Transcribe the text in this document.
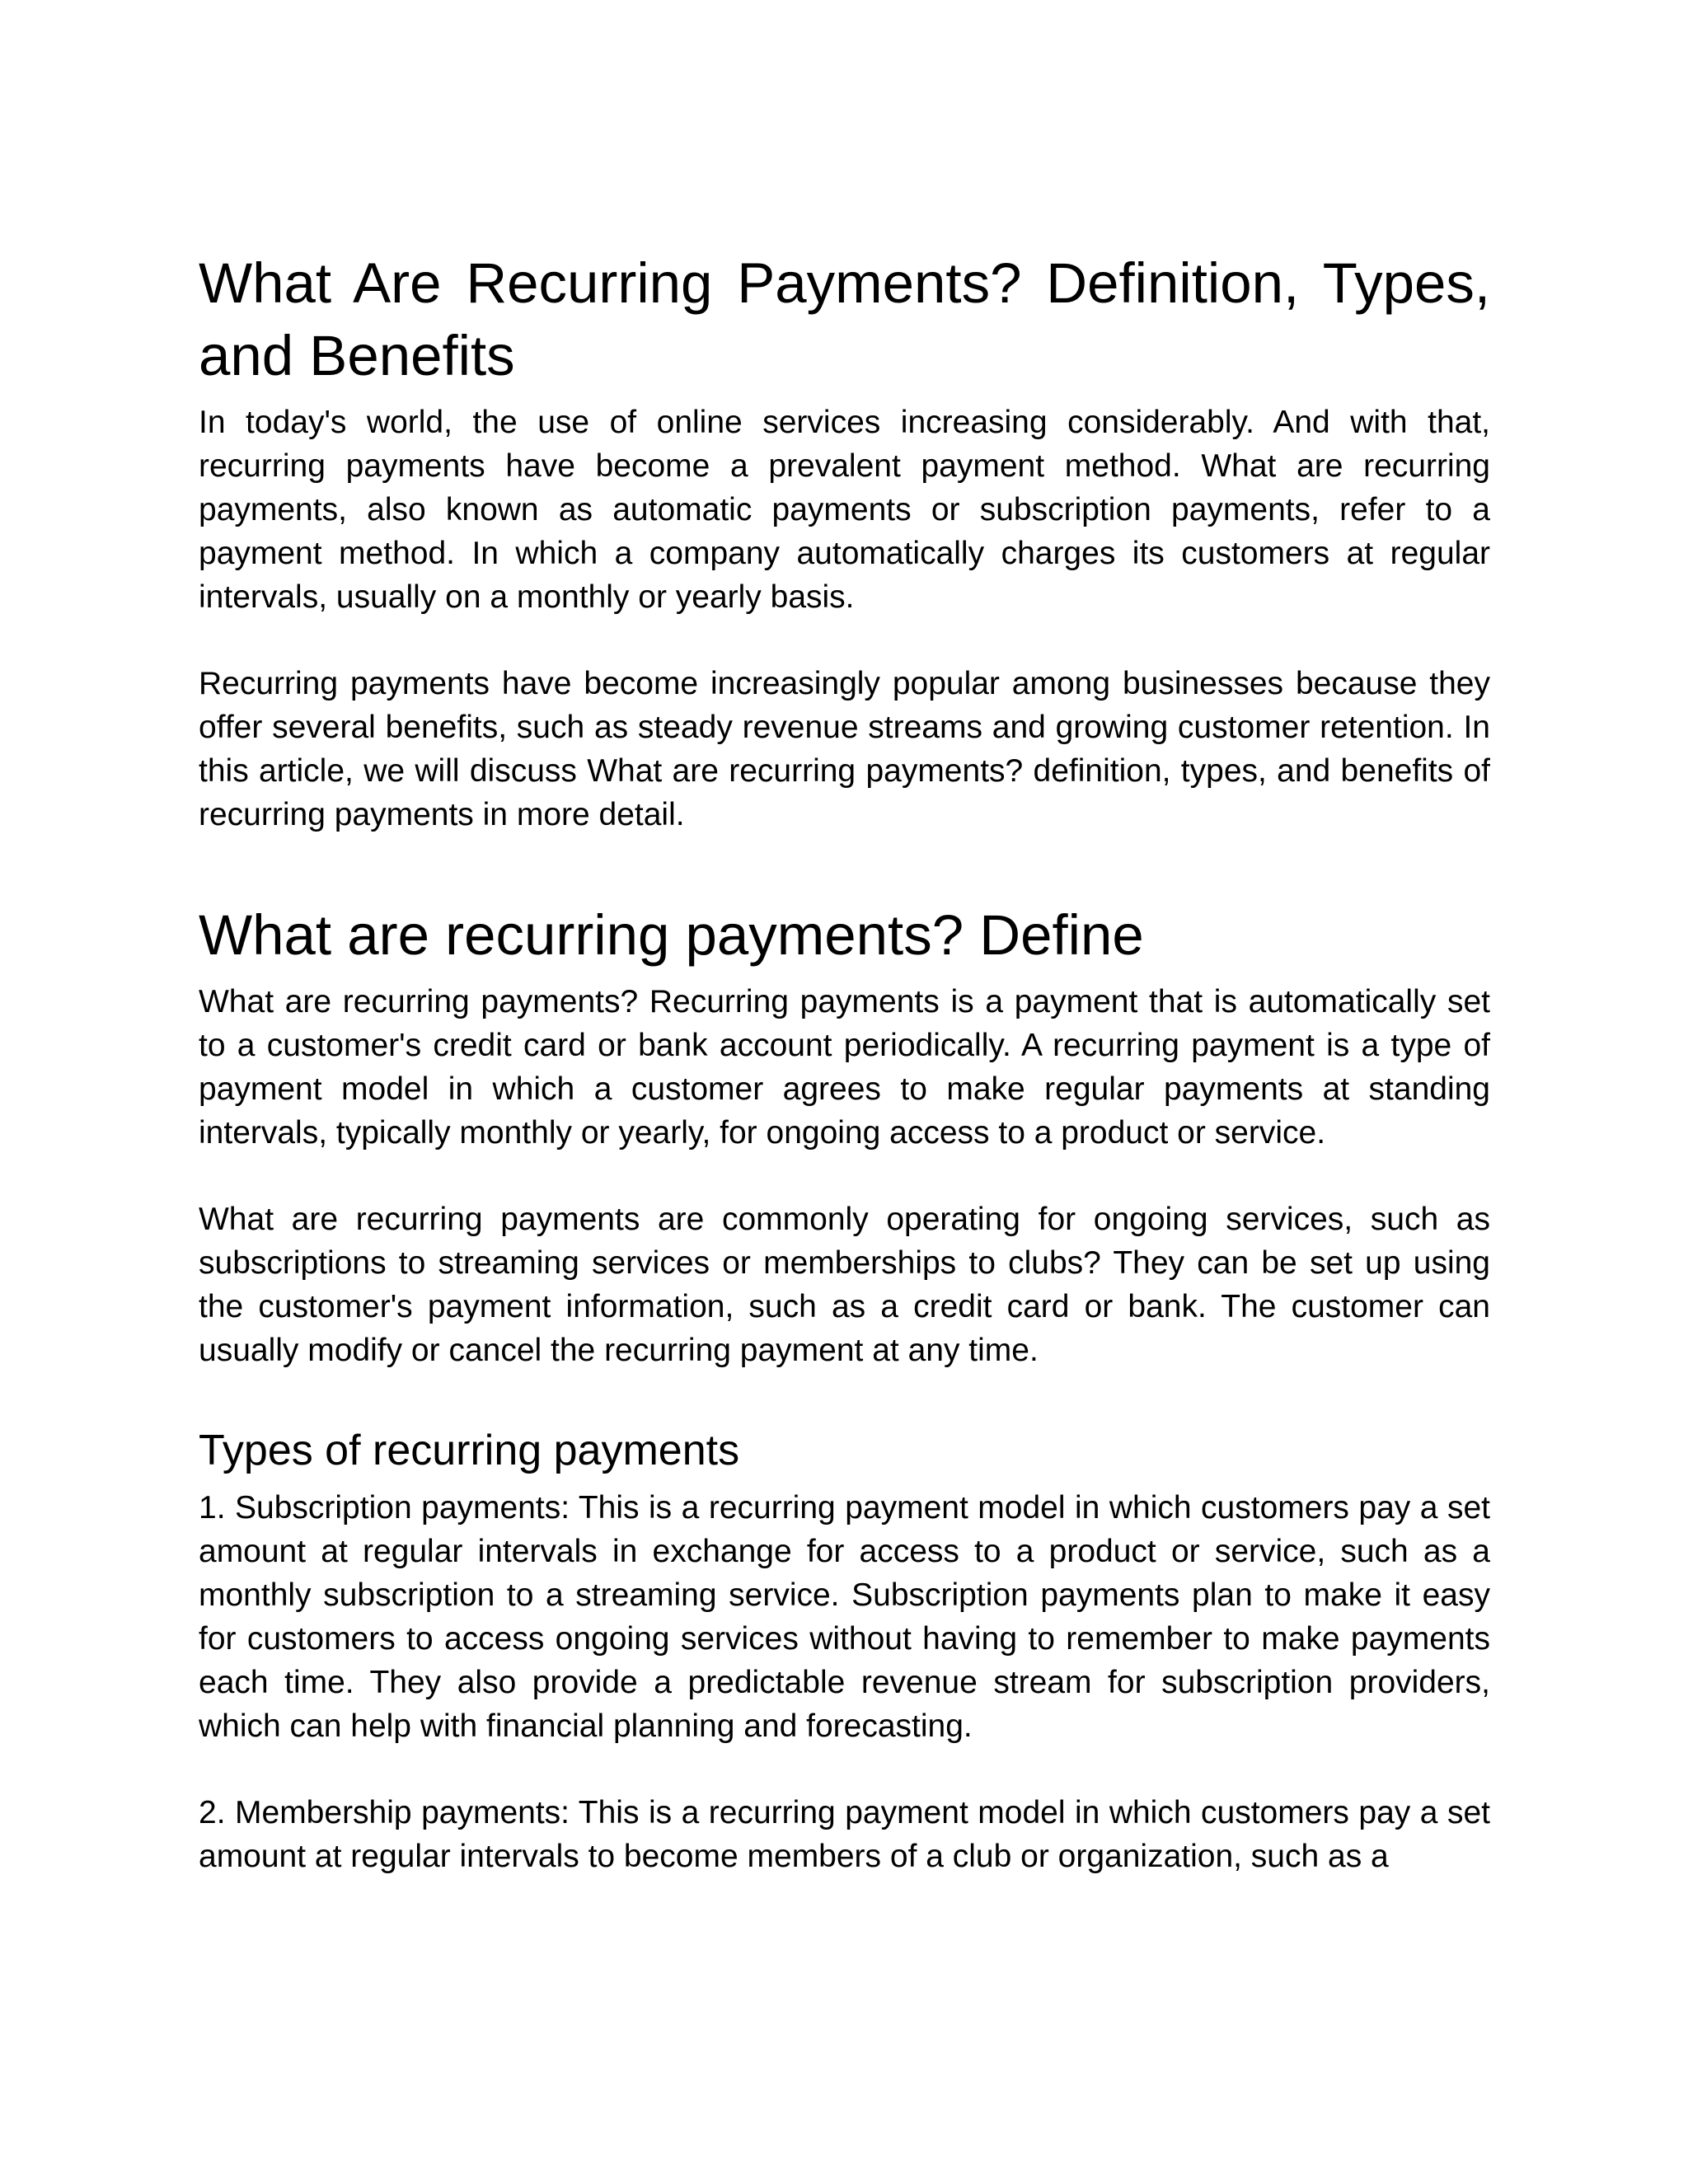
What Are Recurring Payments? Definition, Types, and Benefits

In today's world, the use of online services increasing considerably. And with that, recurring payments have become a prevalent payment method. What are recurring payments, also known as automatic payments or subscription payments, refer to a payment method. In which a company automatically charges its customers at regular intervals, usually on a monthly or yearly basis.

Recurring payments have become increasingly popular among businesses because they offer several benefits, such as steady revenue streams and growing customer retention. In this article, we will discuss What are recurring payments? definition, types, and benefits of recurring payments in more detail.

What are recurring payments? Define

What are recurring payments? Recurring payments is a payment that is automatically set to a customer's credit card or bank account periodically. A recurring payment is a type of payment model in which a customer agrees to make regular payments at standing intervals, typically monthly or yearly, for ongoing access to a product or service.

What are recurring payments are commonly operating for ongoing services, such as subscriptions to streaming services or memberships to clubs? They can be set up using the customer's payment information, such as a credit card or bank. The customer can usually modify or cancel the recurring payment at any time.

Types of recurring payments

1. Subscription payments: This is a recurring payment model in which customers pay a set amount at regular intervals in exchange for access to a product or service, such as a monthly subscription to a streaming service. Subscription payments plan to make it easy for customers to access ongoing services without having to remember to make payments each time. They also provide a predictable revenue stream for subscription providers, which can help with financial planning and forecasting.

2. Membership payments: This is a recurring payment model in which customers pay a set amount at regular intervals to become members of a club or organization, such as a
